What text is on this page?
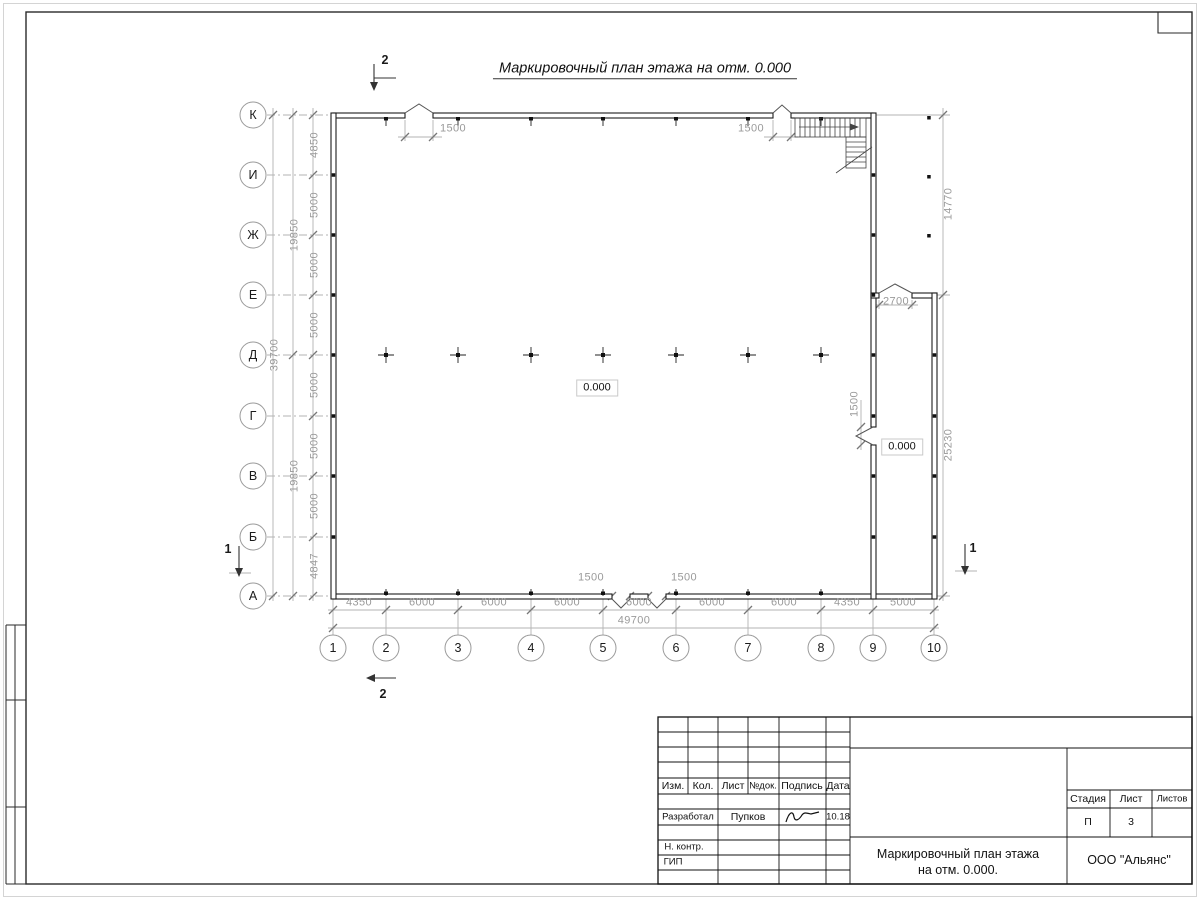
Маркировочный план этажа на отм. 0.000
К
И
Ж
Е
Д
Г
В
Б
А
1	2	3	4	5	6	7	8	9	10
4850
5000
5000
5000
5000
5000
5000
4847
19850
19850
39700
4350	6000	6000	6000	6000	6000	6000	4350	5000
49700
14770
25230
1500	1500
1500	1500
2700
1500
0.000
0.000
2
2
1	1
Изм. Кол. Лист №док. Подпись Дата
Разработал Пупков	10.18
Н. контр.
ГИП
Маркировочный план этажа
на отм. 0.000.
ООО "Альянс"
Стадия Лист Листов
П	3
